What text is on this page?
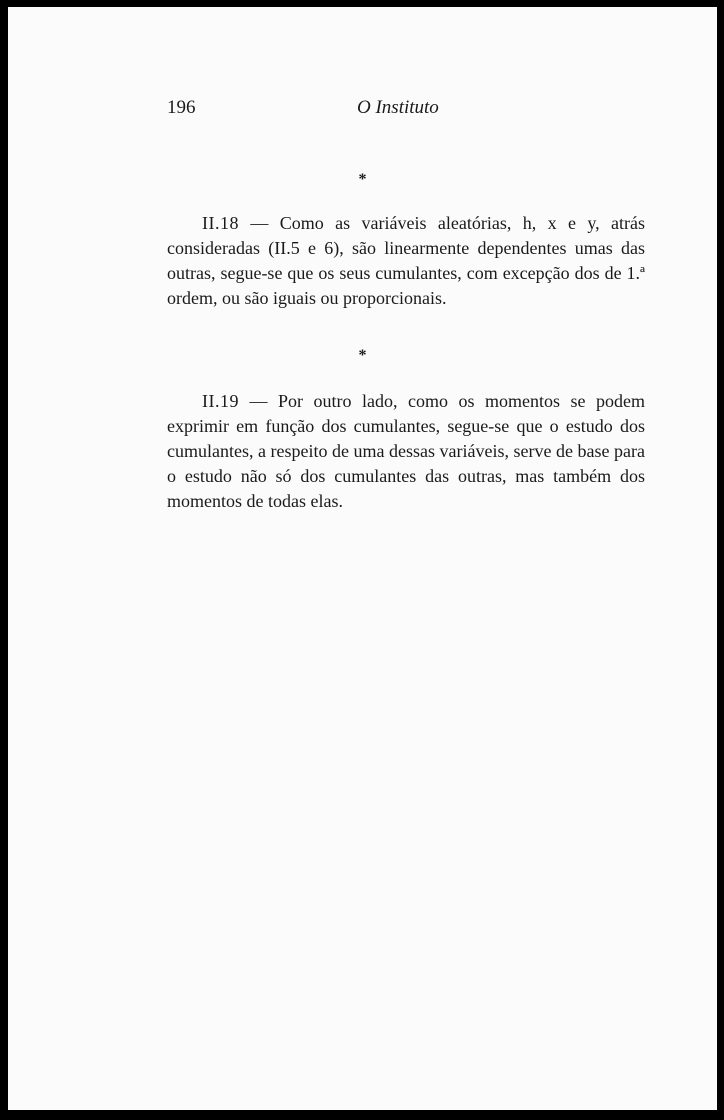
196	O Instituto
*

II.18 — Como as variáveis aleatórias, h, x e y, atrás consideradas (II.5 e 6), são linearmente dependentes umas das outras, segue-se que os seus cumulantes, com excepção dos de 1.ª ordem, ou são iguais ou proporcionais.

*

II.19 — Por outro lado, como os momentos se podem exprimir em função dos cumulantes, segue-se que o estudo dos cumulantes, a respeito de uma dessas variáveis, serve de base para o estudo não só dos cumulantes das outras, mas também dos momentos de todas elas.
